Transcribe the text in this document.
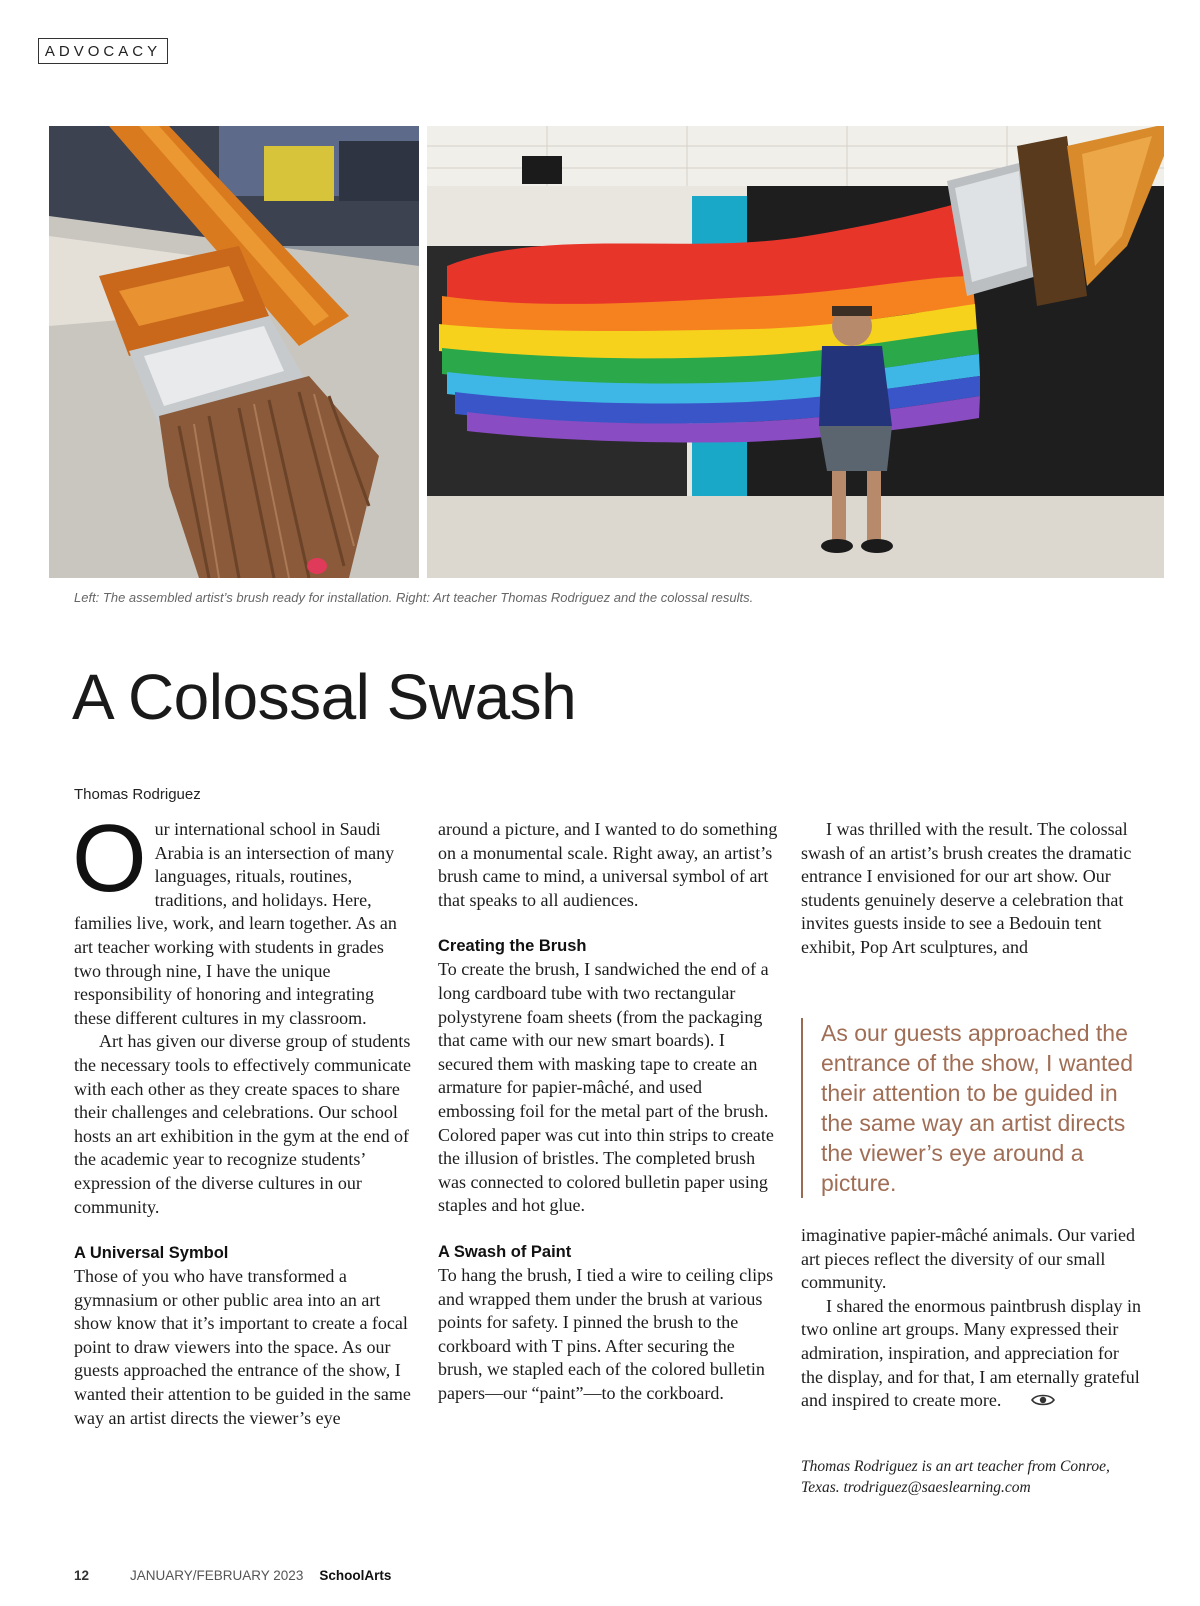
ADVOCACY
Left: The assembled artist’s brush ready for installation. Right: Art teacher Thomas Rodriguez and the colossal results.
A Colossal Swash
Thomas Rodriguez

Our international school in Saudi Arabia is an intersection of many languages, rituals, routines, traditions, and holidays. Here, families live, work, and learn together. As an art teacher working with students in grades two through nine, I have the unique responsibility of honoring and integrating these different cultures in my classroom.

Art has given our diverse group of students the necessary tools to effectively communicate with each other as they create spaces to share their challenges and celebrations. Our school hosts an art exhibition in the gym at the end of the academic year to recognize students’ expression of the diverse cultures in our community.

A Universal Symbol

Those of you who have transformed a gymnasium or other public area into an art show know that it’s important to create a focal point to draw viewers into the space. As our guests approached the entrance of the show, I wanted their attention to be guided in the same way an artist directs the viewer’s eye

around a picture, and I wanted to do something on a monumental scale. Right away, an artist’s brush came to mind, a universal symbol of art that speaks to all audiences.

Creating the Brush

To create the brush, I sandwiched the end of a long cardboard tube with two rectangular polystyrene foam sheets (from the packaging that came with our new smart boards). I secured them with masking tape to create an armature for papier-mâché, and used embossing foil for the metal part of the brush. Colored paper was cut into thin strips to create the illusion of bristles. The completed brush was connected to colored bulletin paper using staples and hot glue.

A Swash of Paint

To hang the brush, I tied a wire to ceiling clips and wrapped them under the brush at various points for safety. I pinned the brush to the corkboard with T pins. After securing the brush, we stapled each of the colored bulletin papers—our “paint”—to the corkboard.

I was thrilled with the result. The colossal swash of an artist’s brush creates the dramatic entrance I envisioned for our art show. Our students genuinely deserve a celebration that invites guests inside to see a Bedouin tent exhibit, Pop Art sculptures, and

As our guests approached the entrance of the show, I wanted their attention to be guided in the same way an artist directs the viewer’s eye around a picture.

imaginative papier-mâché animals. Our varied art pieces reflect the diversity of our small community.

I shared the enormous paintbrush display in two online art groups. Many expressed their admiration, inspiration, and appreciation for the display, and for that, I am eternally grateful and inspired to create more.

Thomas Rodriguez is an art teacher from Conroe, Texas. trodriguez@saeslearning.com
12	JANUARY/FEBRUARY 2023 SchoolArts
